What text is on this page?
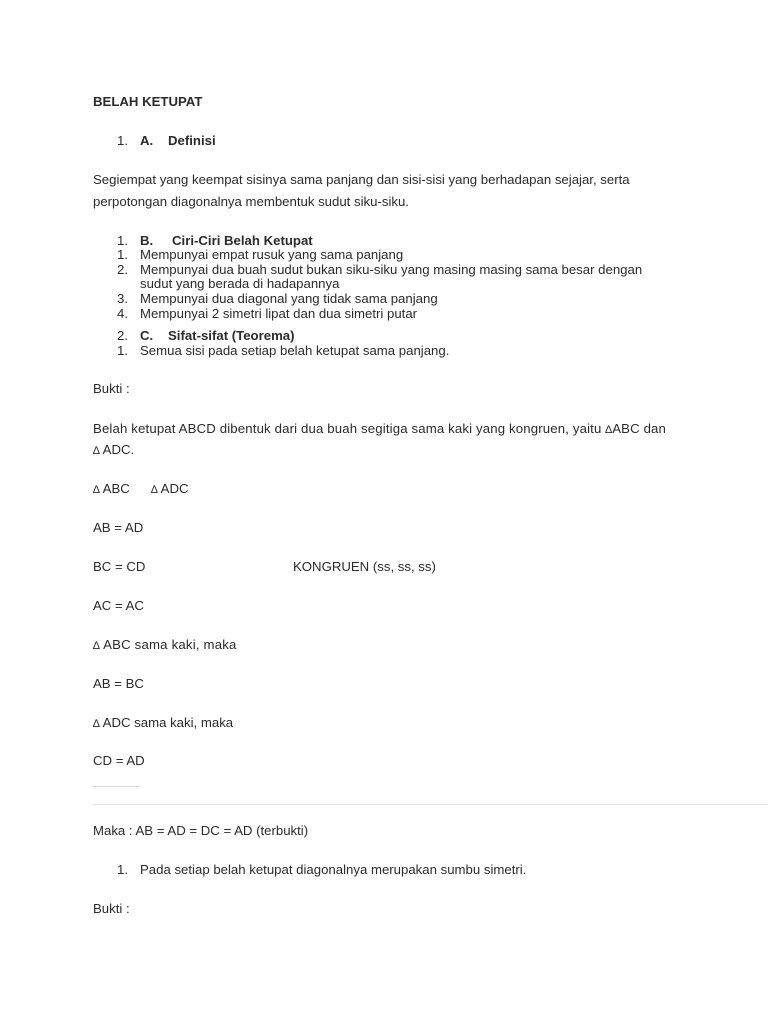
BELAH KETUPAT
1. A. Definisi
Segiempat yang keempat sisinya sama panjang dan sisi-sisi yang berhadapan sejajar, serta
perpotongan diagonalnya membentuk sudut siku-siku.
1. B. Ciri-Ciri Belah Ketupat
1. Mempunyai empat rusuk yang sama panjang
2. Mempunyai dua buah sudut bukan siku-siku yang masing masing sama besar dengan
sudut yang berada di hadapannya
3. Mempunyai dua diagonal yang tidak sama panjang
4. Mempunyai 2 simetri lipat dan dua simetri putar
2. C. Sifat-sifat (Teorema)
1. Semua sisi pada setiap belah ketupat sama panjang.
Bukti :
Belah ketupat ABCD dibentuk dari dua buah segitiga sama kaki yang kongruen, yaitu ∆ABC dan
∆ ADC.
∆ ABC ∆ ADC
AB = AD
BC = CD	KONGRUEN (ss, ss, ss)
AC = AC
∆ ABC sama kaki, maka
AB = BC
∆ ADC sama kaki, maka
CD = AD
Maka : AB = AD = DC = AD (terbukti)
1. Pada setiap belah ketupat diagonalnya merupakan sumbu simetri.
Bukti :
